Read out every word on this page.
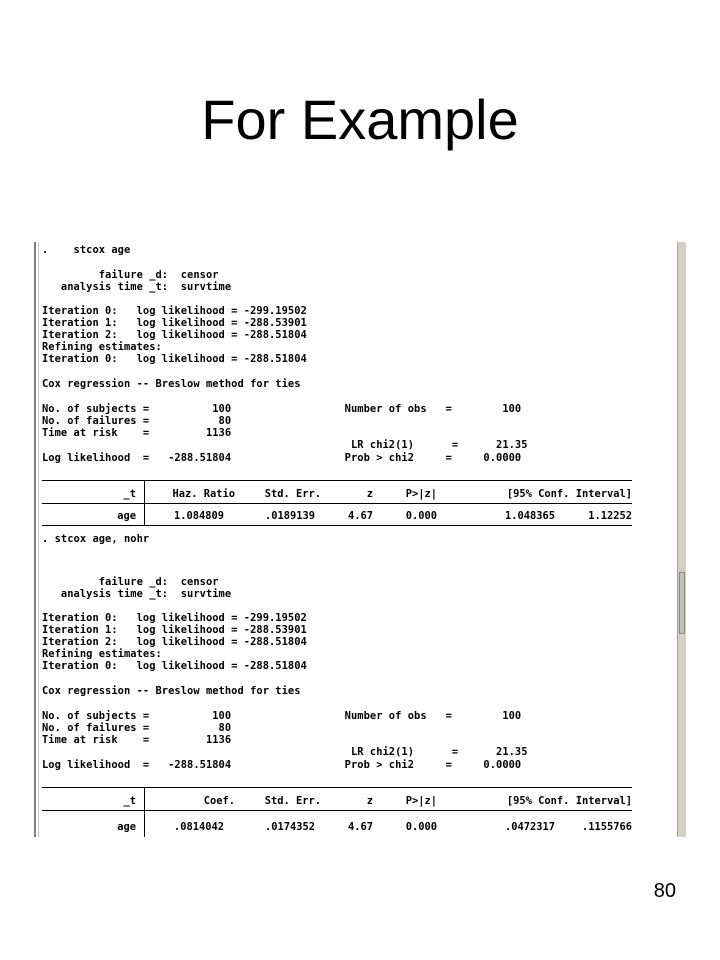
For Example
.    stcox age
failure _d:  censor
analysis time _t:  survtime
Iteration 0:   log likelihood = -299.19502
Iteration 1:   log likelihood = -288.53901
Iteration 2:   log likelihood = -288.51804
Refining estimates:
Iteration 0:   log likelihood = -288.51804
Cox regression -- Breslow method for ties
No. of subjects =          100                  Number of obs   =        100
No. of failures =           80
Time at risk    =         1136
LR chi2(1)      =      21.35
Log likelihood  =   -288.51804                  Prob > chi2     =     0.0000
_t	Haz. Ratio	Std. Err.	z	P>|z|	[95% Conf. Interval]
age	1.084809	.0189139	4.67	0.000	1.048365	1.12252
. stcox age, nohr
failure _d:  censor
analysis time _t:  survtime
Iteration 0:   log likelihood = -299.19502
Iteration 1:   log likelihood = -288.53901
Iteration 2:   log likelihood = -288.51804
Refining estimates:
Iteration 0:   log likelihood = -288.51804
Cox regression -- Breslow method for ties
No. of subjects =          100                  Number of obs   =        100
No. of failures =           80
Time at risk    =         1136
LR chi2(1)      =      21.35
Log likelihood  =   -288.51804                  Prob > chi2     =     0.0000
_t	Coef.	Std. Err.	z	P>|z|	[95% Conf. Interval]
age	.0814042	.0174352	4.67	0.000	.0472317	.1155766
80
